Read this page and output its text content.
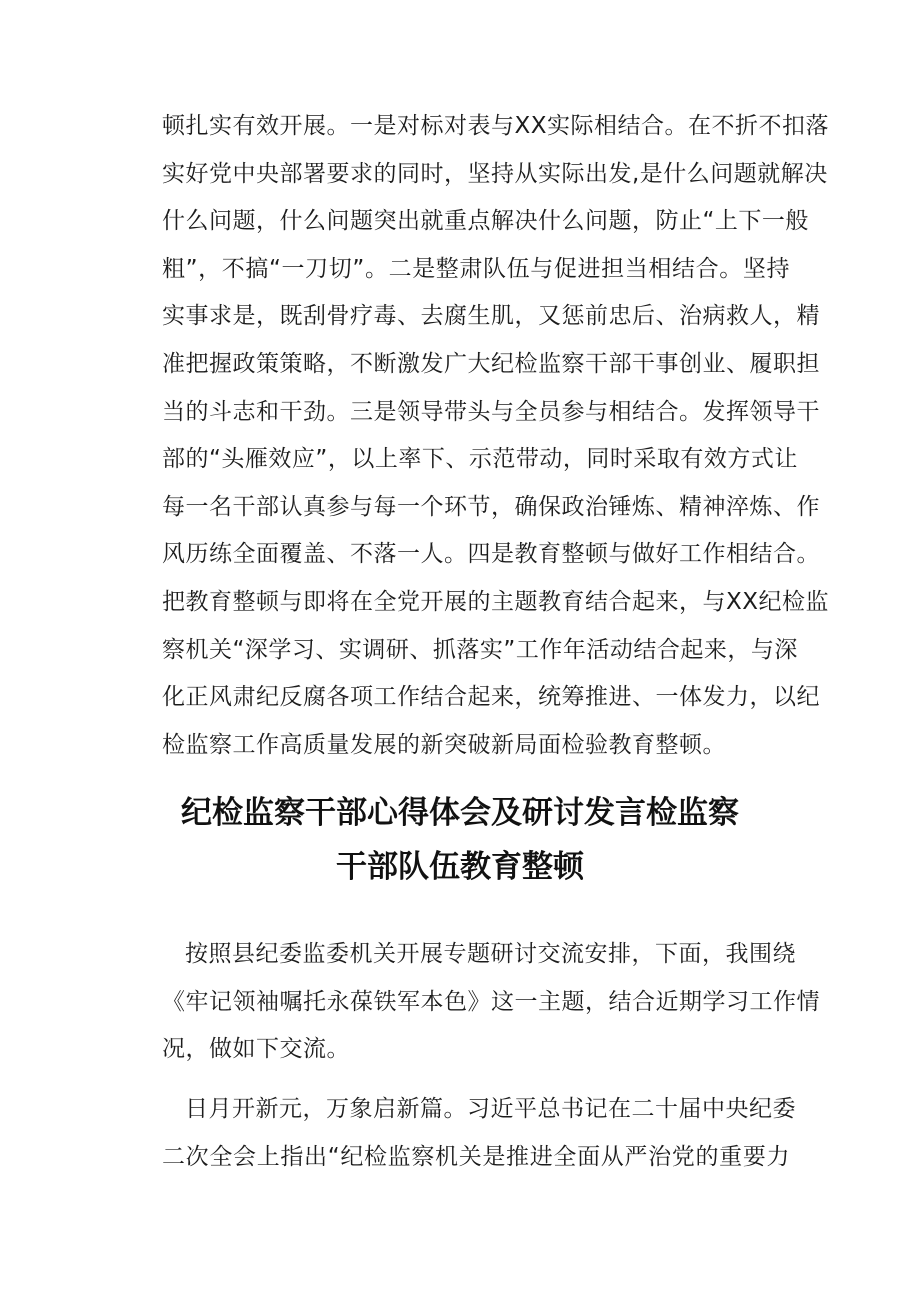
顿扎实有效开展。一是对标对表与XX实际相结合。在不折不扣落
实好党中央部署要求的同时，坚持从实际出发,是什么问题就解决
什么问题，什么问题突出就重点解决什么问题，防止“上下一般
粗”，不搞“一刀切”。二是整肃队伍与促进担当相结合。坚持
实事求是，既刮骨疗毒、去腐生肌，又惩前忠后、治病救人，精
准把握政策策略，不断激发广大纪检监察干部干事创业、履职担
当的斗志和干劲。三是领导带头与全员参与相结合。发挥领导干
部的“头雁效应”，以上率下、示范带动，同时采取有效方式让
每一名干部认真参与每一个环节，确保政治锤炼、精神淬炼、作
风历练全面覆盖、不落一人。四是教育整顿与做好工作相结合。
把教育整顿与即将在全党开展的主题教育结合起来，与XX纪检监
察机关“深学习、实调研、抓落实”工作年活动结合起来，与深
化正风肃纪反腐各项工作结合起来，统筹推进、一体发力，以纪
检监察工作高质量发展的新突破新局面检验教育整顿。
纪检监察干部心得体会及研讨发言检监察
干部队伍教育整顿
按照县纪委监委机关开展专题研讨交流安排，下面，我围绕
《牢记领袖嘱托永葆铁军本色》这一主题，结合近期学习工作情
况，做如下交流。
日月开新元，万象启新篇。习近平总书记在二十届中央纪委
二次全会上指出“纪检监察机关是推进全面从严治党的重要力
